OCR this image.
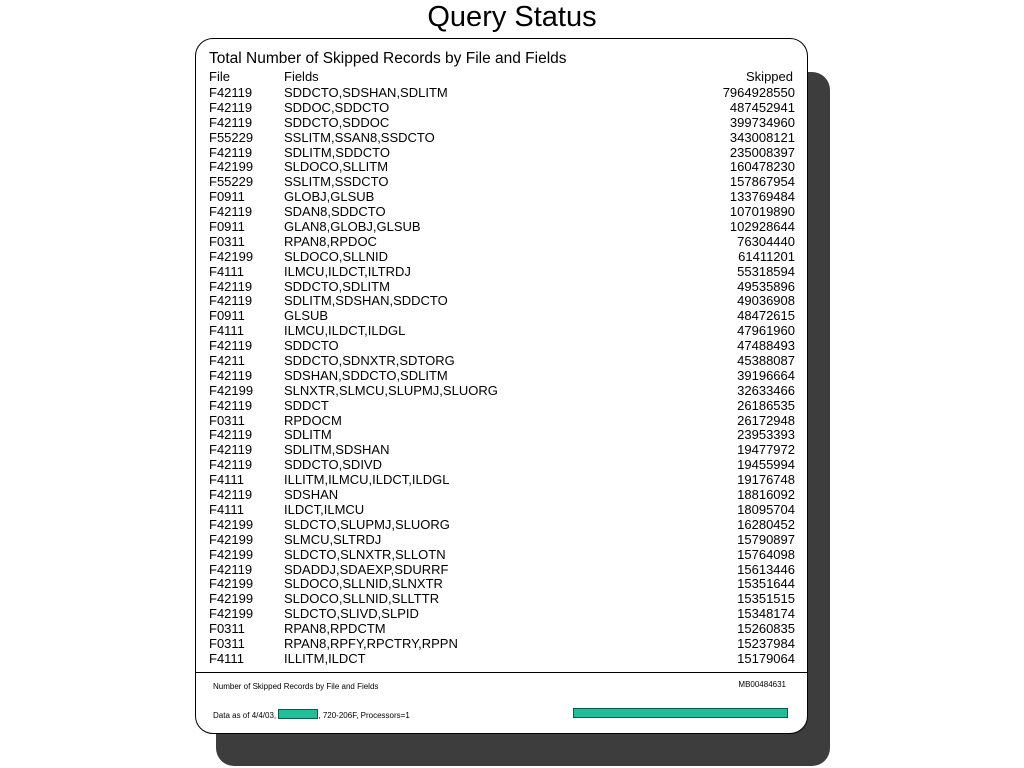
Query Status
Total Number of Skipped Records by File and Fields
File	Fields	Skipped
F42119 SDDCTO,SDSHAN,SDLITM	7964928550
F42119 SDDOC,SDDCTO	487452941
F42119 SDDCTO,SDDOC	399734960
F55229 SSLITM,SSAN8,SSDCTO	343008121
F42119 SDLITM,SDDCTO	235008397
F42199 SLDOCO,SLLITM	160478230
F55229 SSLITM,SSDCTO	157867954
F0911	GLOBJ,GLSUB	133769484
F42119 SDAN8,SDDCTO	107019890
F0911	GLAN8,GLOBJ,GLSUB	102928644
F0311	RPAN8,RPDOC	76304440
F42199 SLDOCO,SLLNID	61411201
F4111	ILMCU,ILDCT,ILTRDJ	55318594
F42119 SDDCTO,SDLITM	49535896
F42119 SDLITM,SDSHAN,SDDCTO	49036908
F0911	GLSUB	48472615
F4111	ILMCU,ILDCT,ILDGL	47961960
F42119 SDDCTO	47488493
F4211	SDDCTO,SDNXTR,SDTORG	45388087
F42119 SDSHAN,SDDCTO,SDLITM	39196664
F42199 SLNXTR,SLMCU,SLUPMJ,SLUORG	32633466
F42119 SDDCT	26186535
F0311	RPDOCM	26172948
F42119 SDLITM	23953393
F42119 SDLITM,SDSHAN	19477972
F42119 SDDCTO,SDIVD	19455994
F4111	ILLITM,ILMCU,ILDCT,ILDGL	19176748
F42119 SDSHAN	18816092
F4111	ILDCT,ILMCU	18095704
F42199 SLDCTO,SLUPMJ,SLUORG	16280452
F42199 SLMCU,SLTRDJ	15790897
F42199 SLDCTO,SLNXTR,SLLOTN	15764098
F42119 SDADDJ,SDAEXP,SDURRF	15613446
F42199 SLDOCO,SLLNID,SLNXTR	15351644
F42199 SLDOCO,SLLNID,SLLTTR	15351515
F42199 SLDCTO,SLIVD,SLPID	15348174
F0311	RPAN8,RPDCTM	15260835
F0311	RPAN8,RPFY,RPCTRY,RPPN	15237984
F4111	ILLITM,ILDCT	15179064
Number of Skipped Records by File and Fields	MB00484631
Data as of 4/4/03,	, 720-206F, Processors=1
